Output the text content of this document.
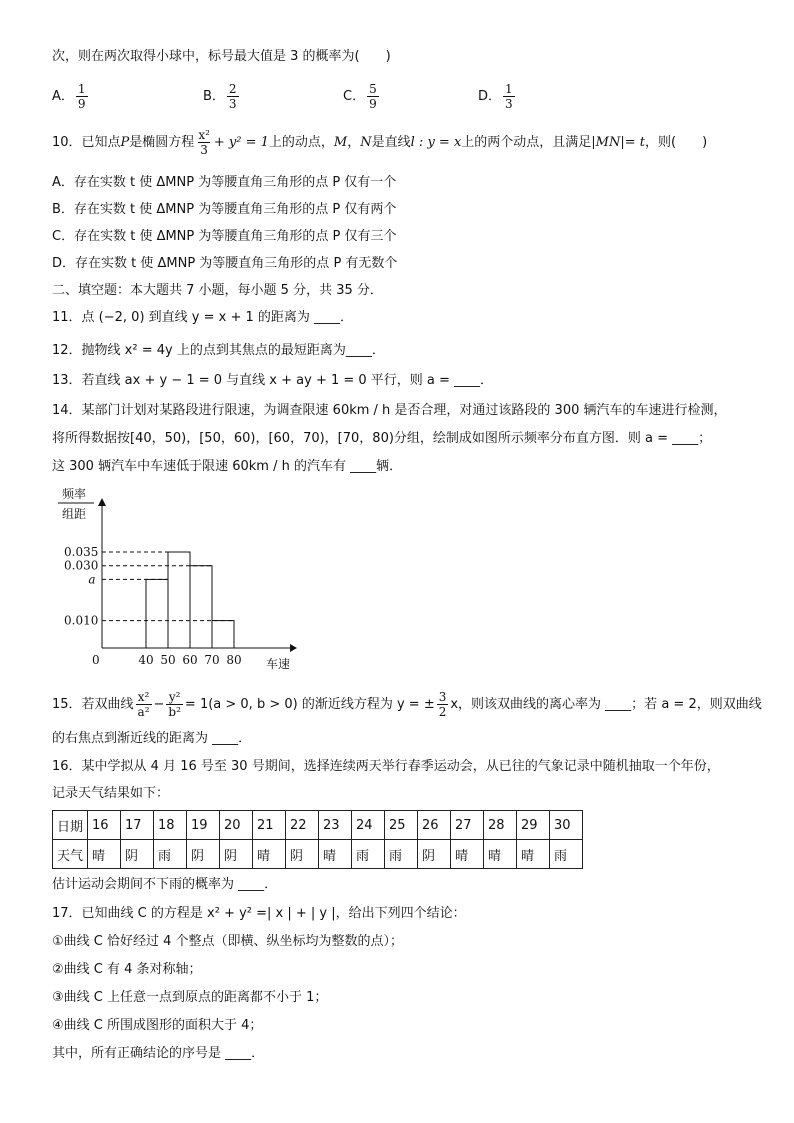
次，则在两次取得小球中，标号最大值是 3 的概率为(　　)
A． $\frac{1}{9}$	B． $\frac{2}{3}$	C． $\frac{5}{9}$	D． $\frac{1}{3}$
10．已知点P是椭圆方程 $\frac{\text{x²}}{3} + y^2 = 1$上的动点，M，N是直线l : y = x上的两个动点，且满足|MN|= t，则(　　)
A．存在实数 t 使 ΔMNP 为等腰直角三角形的点 P 仅有一个
B．存在实数 t 使 ΔMNP 为等腰直角三角形的点 P 仅有两个
C．存在实数 t 使 ΔMNP 为等腰直角三角形的点 P 仅有三个
D．存在实数 t 使 ΔMNP 为等腰直角三角形的点 P 有无数个
二、填空题：本大题共 7 小题，每小题 5 分，共 35 分．
11．点 (−2, 0) 到直线 y = x + 1 的距离为 ____．
12．抛物线 x² = 4y 上的点到其焦点的最短距离为____．
13．若直线 ax + y − 1 = 0 与直线 x + ay + 1 = 0 平行，则 a = ____．
14．某部门计划对某路段进行限速，为调查限速 60km / h 是否合理，对通过该路段的 300 辆汽车的车速进行检测，
将所得数据按[40，50)，[50，60)，[60，70)，[70，80)分组，绘制成如图所示频率分布直方图．则 a = ____；
这 300 辆汽车中车速低于限速 60km / h 的汽车有 ____辆．
频率
组距
0.035
0.030
a
0.010
40 50 60 70 80 车速
0
15．若双曲线 $\frac{\text{x²}}{\text{a²}} - \frac{\text{y²}}{\text{b²}} = 1(a > 0$, b > 0) 的渐近线方程为 y = ± $\frac{3}{2}$ x，则该双曲线的离心率为 ____；若 a = 2，则双曲线
的右焦点到渐近线的距离为 ____．
16．某中学拟从 4 月 16 号至 30 号期间，选择连续两天举行春季运动会，从已往的气象记录中随机抽取一个年份，
记录天气结果如下：
日期	16	17	18	19	20	21	22	23	24	25	26	27	28	29	30
天气	晴	阴	雨	阴	阴	晴	阴	晴	雨	雨	阴	晴	晴	晴	雨
估计运动会期间不下雨的概率为 ____．
17．已知曲线 C 的方程是 x² + y² =| x | + | y |，给出下列四个结论：
①曲线 C 恰好经过 4 个整点（即横、纵坐标均为整数的点）；
②曲线 C 有 4 条对称轴；
③曲线 C 上任意一点到原点的距离都不小于 1；
④曲线 C 所围成图形的面积大于 4；
其中，所有正确结论的序号是 ____．
